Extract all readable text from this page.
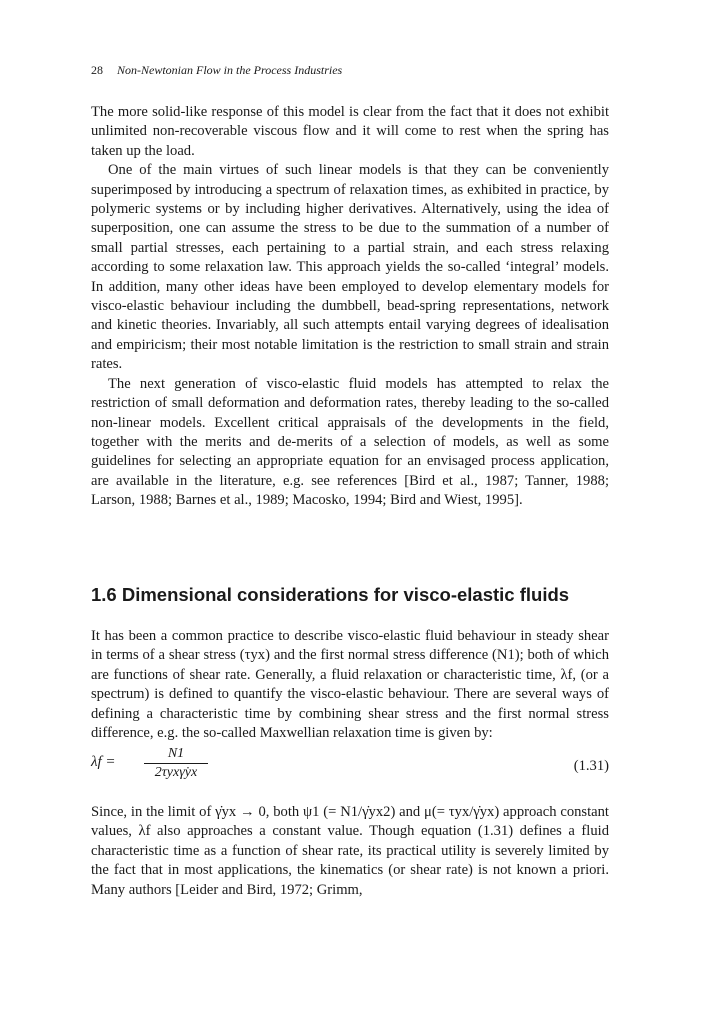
28 Non-Newtonian Flow in the Process Industries

The more solid-like response of this model is clear from the fact that it does not exhibit unlimited non-recoverable viscous flow and it will come to rest when the spring has taken up the load.

One of the main virtues of such linear models is that they can be conveniently superimposed by introducing a spectrum of relaxation times, as exhibited in practice, by polymeric systems or by including higher derivatives. Alternatively, using the idea of superposition, one can assume the stress to be due to the summation of a number of small partial stresses, each pertaining to a partial strain, and each stress relaxing according to some relaxation law. This approach yields the so-called ‘integral’ models. In addition, many other ideas have been employed to develop elementary models for visco-elastic behaviour including the dumbbell, bead-spring representations, network and kinetic theories. Invariably, all such attempts entail varying degrees of idealisation and empiricism; their most notable limitation is the restriction to small strain and strain rates.

The next generation of visco-elastic fluid models has attempted to relax the restriction of small deformation and deformation rates, thereby leading to the so-called non-linear models. Excellent critical appraisals of the developments in the field, together with the merits and de-merits of a selection of models, as well as some guidelines for selecting an appropriate equation for an envisaged process application, are available in the literature, e.g. see references [Bird et al., 1987; Tanner, 1988; Larson, 1988; Barnes et al., 1989; Macosko, 1994; Bird and Wiest, 1995].

1.6 Dimensional considerations for visco-elastic fluids

It has been a common practice to describe visco-elastic fluid behaviour in steady shear in terms of a shear stress (τyx) and the first normal stress difference (N1); both of which are functions of shear rate. Generally, a fluid relaxation or characteristic time, λf, (or a spectrum) is defined to quantify the visco-elastic behaviour. There are several ways of defining a characteristic time by combining shear stress and the first normal stress difference, e.g. the so-called Maxwellian relaxation time is given by:

λf =
N1
2τyxγ̇yx	(1.31)

Since, in the limit of γ̇yx → 0, both ψ1 (= N1/γ̇yx2) and μ(= τyx/γ̇yx) approach constant values, λf also approaches a constant value. Though equation (1.31) defines a fluid characteristic time as a function of shear rate, its practical utility is severely limited by the fact that in most applications, the kinematics (or shear rate) is not known a priori. Many authors [Leider and Bird, 1972; Grimm,
